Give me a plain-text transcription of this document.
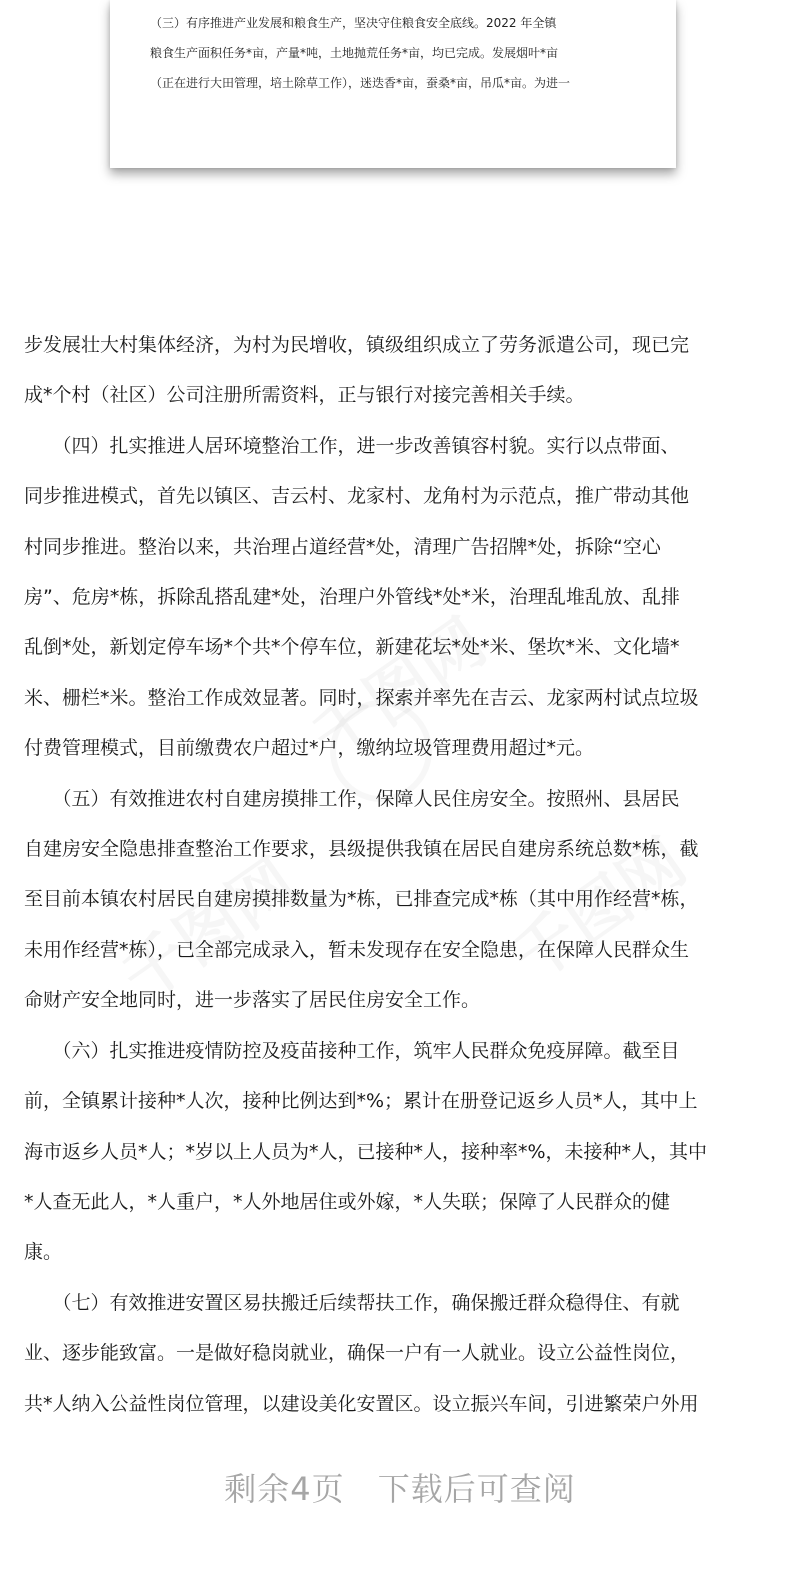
（三）有序推进产业发展和粮食生产，坚决守住粮食安全底线。2022 年全镇
粮食生产面积任务*亩，产量*吨，土地抛荒任务*亩，均已完成。发展烟叶*亩
（正在进行大田管理，培土除草工作），迷迭香*亩，蚕桑*亩，吊瓜*亩。为进一
步发展壮大村集体经济，为村为民增收，镇级组织成立了劳务派遣公司，现已完
成*个村（社区）公司注册所需资料，正与银行对接完善相关手续。
　　（四）扎实推进人居环境整治工作，进一步改善镇容村貌。实行以点带面、
同步推进模式，首先以镇区、吉云村、龙家村、龙角村为示范点，推广带动其他
村同步推进。整治以来，共治理占道经营*处，清理广告招牌*处，拆除“空心
房”、危房*栋，拆除乱搭乱建*处，治理户外管线*处*米，治理乱堆乱放、乱排
乱倒*处，新划定停车场*个共*个停车位，新建花坛*处*米、堡坎*米、文化墙*
米、栅栏*米。整治工作成效显著。同时，探索并率先在吉云、龙家两村试点垃圾
付费管理模式，目前缴费农户超过*户，缴纳垃圾管理费用超过*元。
　　（五）有效推进农村自建房摸排工作，保障人民住房安全。按照州、县居民
自建房安全隐患排查整治工作要求，县级提供我镇在居民自建房系统总数*栋，截
至目前本镇农村居民自建房摸排数量为*栋，已排查完成*栋（其中用作经营*栋，
未用作经营*栋），已全部完成录入，暂未发现存在安全隐患，在保障人民群众生
命财产安全地同时，进一步落实了居民住房安全工作。
　　（六）扎实推进疫情防控及疫苗接种工作，筑牢人民群众免疫屏障。截至目
前，全镇累计接种*人次，接种比例达到*%；累计在册登记返乡人员*人，其中上
海市返乡人员*人；*岁以上人员为*人，已接种*人，接种率*%，未接种*人，其中
*人查无此人，*人重户，*人外地居住或外嫁，*人失联；保障了人民群众的健
康。
　　（七）有效推进安置区易扶搬迁后续帮扶工作，确保搬迁群众稳得住、有就
业、逐步能致富。一是做好稳岗就业，确保一户有一人就业。设立公益性岗位，
共*人纳入公益性岗位管理，以建设美化安置区。设立振兴车间，引进繁荣户外用
剩余4页　 下载后可查阅
